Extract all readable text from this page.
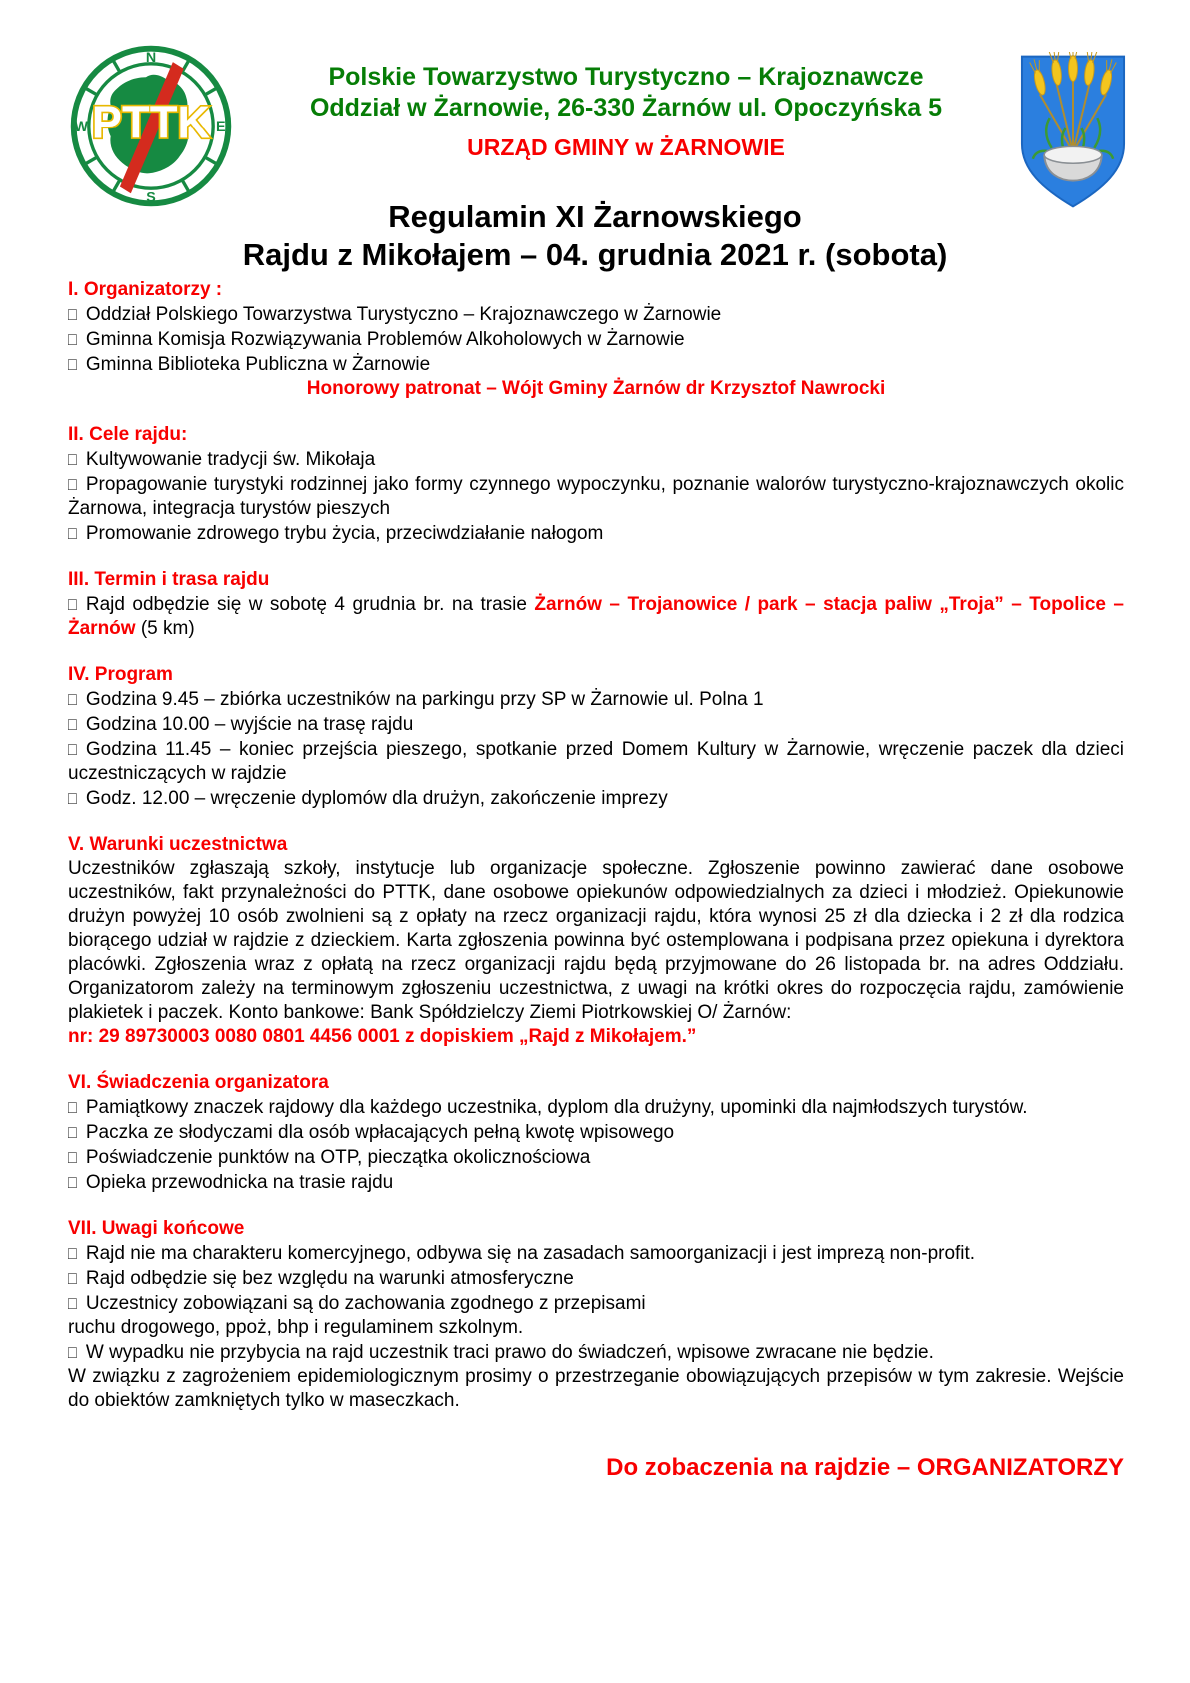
N
E
S
W PTTK
Polskie Towarzystwo Turystyczno – Krajoznawcze
Oddział w Żarnowie, 26-330 Żarnów ul. Opoczyńska 5
URZĄD GMINY w ŻARNOWIE
Regulamin XI Żarnowskiego
Rajdu z Mikołajem – 04. grudnia 2021 r. (sobota)
I. Organizatorzy :
□ Oddział Polskiego Towarzystwa Turystyczno – Krajoznawczego w Żarnowie
□ Gminna Komisja Rozwiązywania Problemów Alkoholowych w Żarnowie
□ Gminna Biblioteka Publiczna w Żarnowie
Honorowy patronat – Wójt Gminy Żarnów dr Krzysztof Nawrocki
II. Cele rajdu:
□ Kultywowanie tradycji św. Mikołaja
□ Propagowanie turystyki rodzinnej jako formy czynnego wypoczynku, poznanie walorów turystyczno-krajoznawczych okolic Żarnowa, integracja turystów pieszych
□ Promowanie zdrowego trybu życia, przeciwdziałanie nałogom
III. Termin i trasa rajdu
□ Rajd odbędzie się w sobotę 4 grudnia br. na trasie Żarnów – Trojanowice / park – stacja paliw „Troja” – Topolice – Żarnów (5 km)
IV. Program
□ Godzina 9.45 – zbiórka uczestników na parkingu przy SP w Żarnowie ul. Polna 1
□ Godzina 10.00 – wyjście na trasę rajdu
□ Godzina 11.45 – koniec przejścia pieszego, spotkanie przed Domem Kultury w Żarnowie, wręczenie paczek dla dzieci uczestniczących w rajdzie
□ Godz. 12.00 – wręczenie dyplomów dla drużyn, zakończenie imprezy
V. Warunki uczestnictwa
Uczestników zgłaszają szkoły, instytucje lub organizacje społeczne. Zgłoszenie powinno zawierać dane osobowe uczestników, fakt przynależności do PTTK, dane osobowe opiekunów odpowiedzialnych za dzieci i młodzież. Opiekunowie drużyn powyżej 10 osób zwolnieni są z opłaty na rzecz organizacji rajdu, która wynosi 25 zł dla dziecka i 2 zł dla rodzica biorącego udział w rajdzie z dzieckiem. Karta zgłoszenia powinna być ostemplowana i podpisana przez opiekuna i dyrektora placówki. Zgłoszenia wraz z opłatą na rzecz organizacji rajdu będą przyjmowane do 26 listopada br. na adres Oddziału. Organizatorom zależy na terminowym zgłoszeniu uczestnictwa, z uwagi na krótki okres do rozpoczęcia rajdu, zamówienie plakietek i paczek. Konto bankowe: Bank Spółdzielczy Ziemi Piotrkowskiej O/ Żarnów:
nr: 29 89730003 0080 0801 4456 0001 z dopiskiem „Rajd z Mikołajem.”
VI. Świadczenia organizatora
□ Pamiątkowy znaczek rajdowy dla każdego uczestnika, dyplom dla drużyny, upominki dla najmłodszych turystów.
□ Paczka ze słodyczami dla osób wpłacających pełną kwotę wpisowego
□ Poświadczenie punktów na OTP, pieczątka okolicznościowa
□ Opieka przewodnicka na trasie rajdu
VII. Uwagi końcowe
□ Rajd nie ma charakteru komercyjnego, odbywa się na zasadach samoorganizacji i jest imprezą non-profit.
□ Rajd odbędzie się bez względu na warunki atmosferyczne
□ Uczestnicy zobowiązani są do zachowania zgodnego z przepisami
ruchu drogowego, ppoż, bhp i regulaminem szkolnym.
□ W wypadku nie przybycia na rajd uczestnik traci prawo do świadczeń, wpisowe zwracane nie będzie.
W związku z zagrożeniem epidemiologicznym prosimy o przestrzeganie obowiązujących przepisów w tym zakresie. Wejście do obiektów zamkniętych tylko w maseczkach.
Do zobaczenia na rajdzie – ORGANIZATORZY
